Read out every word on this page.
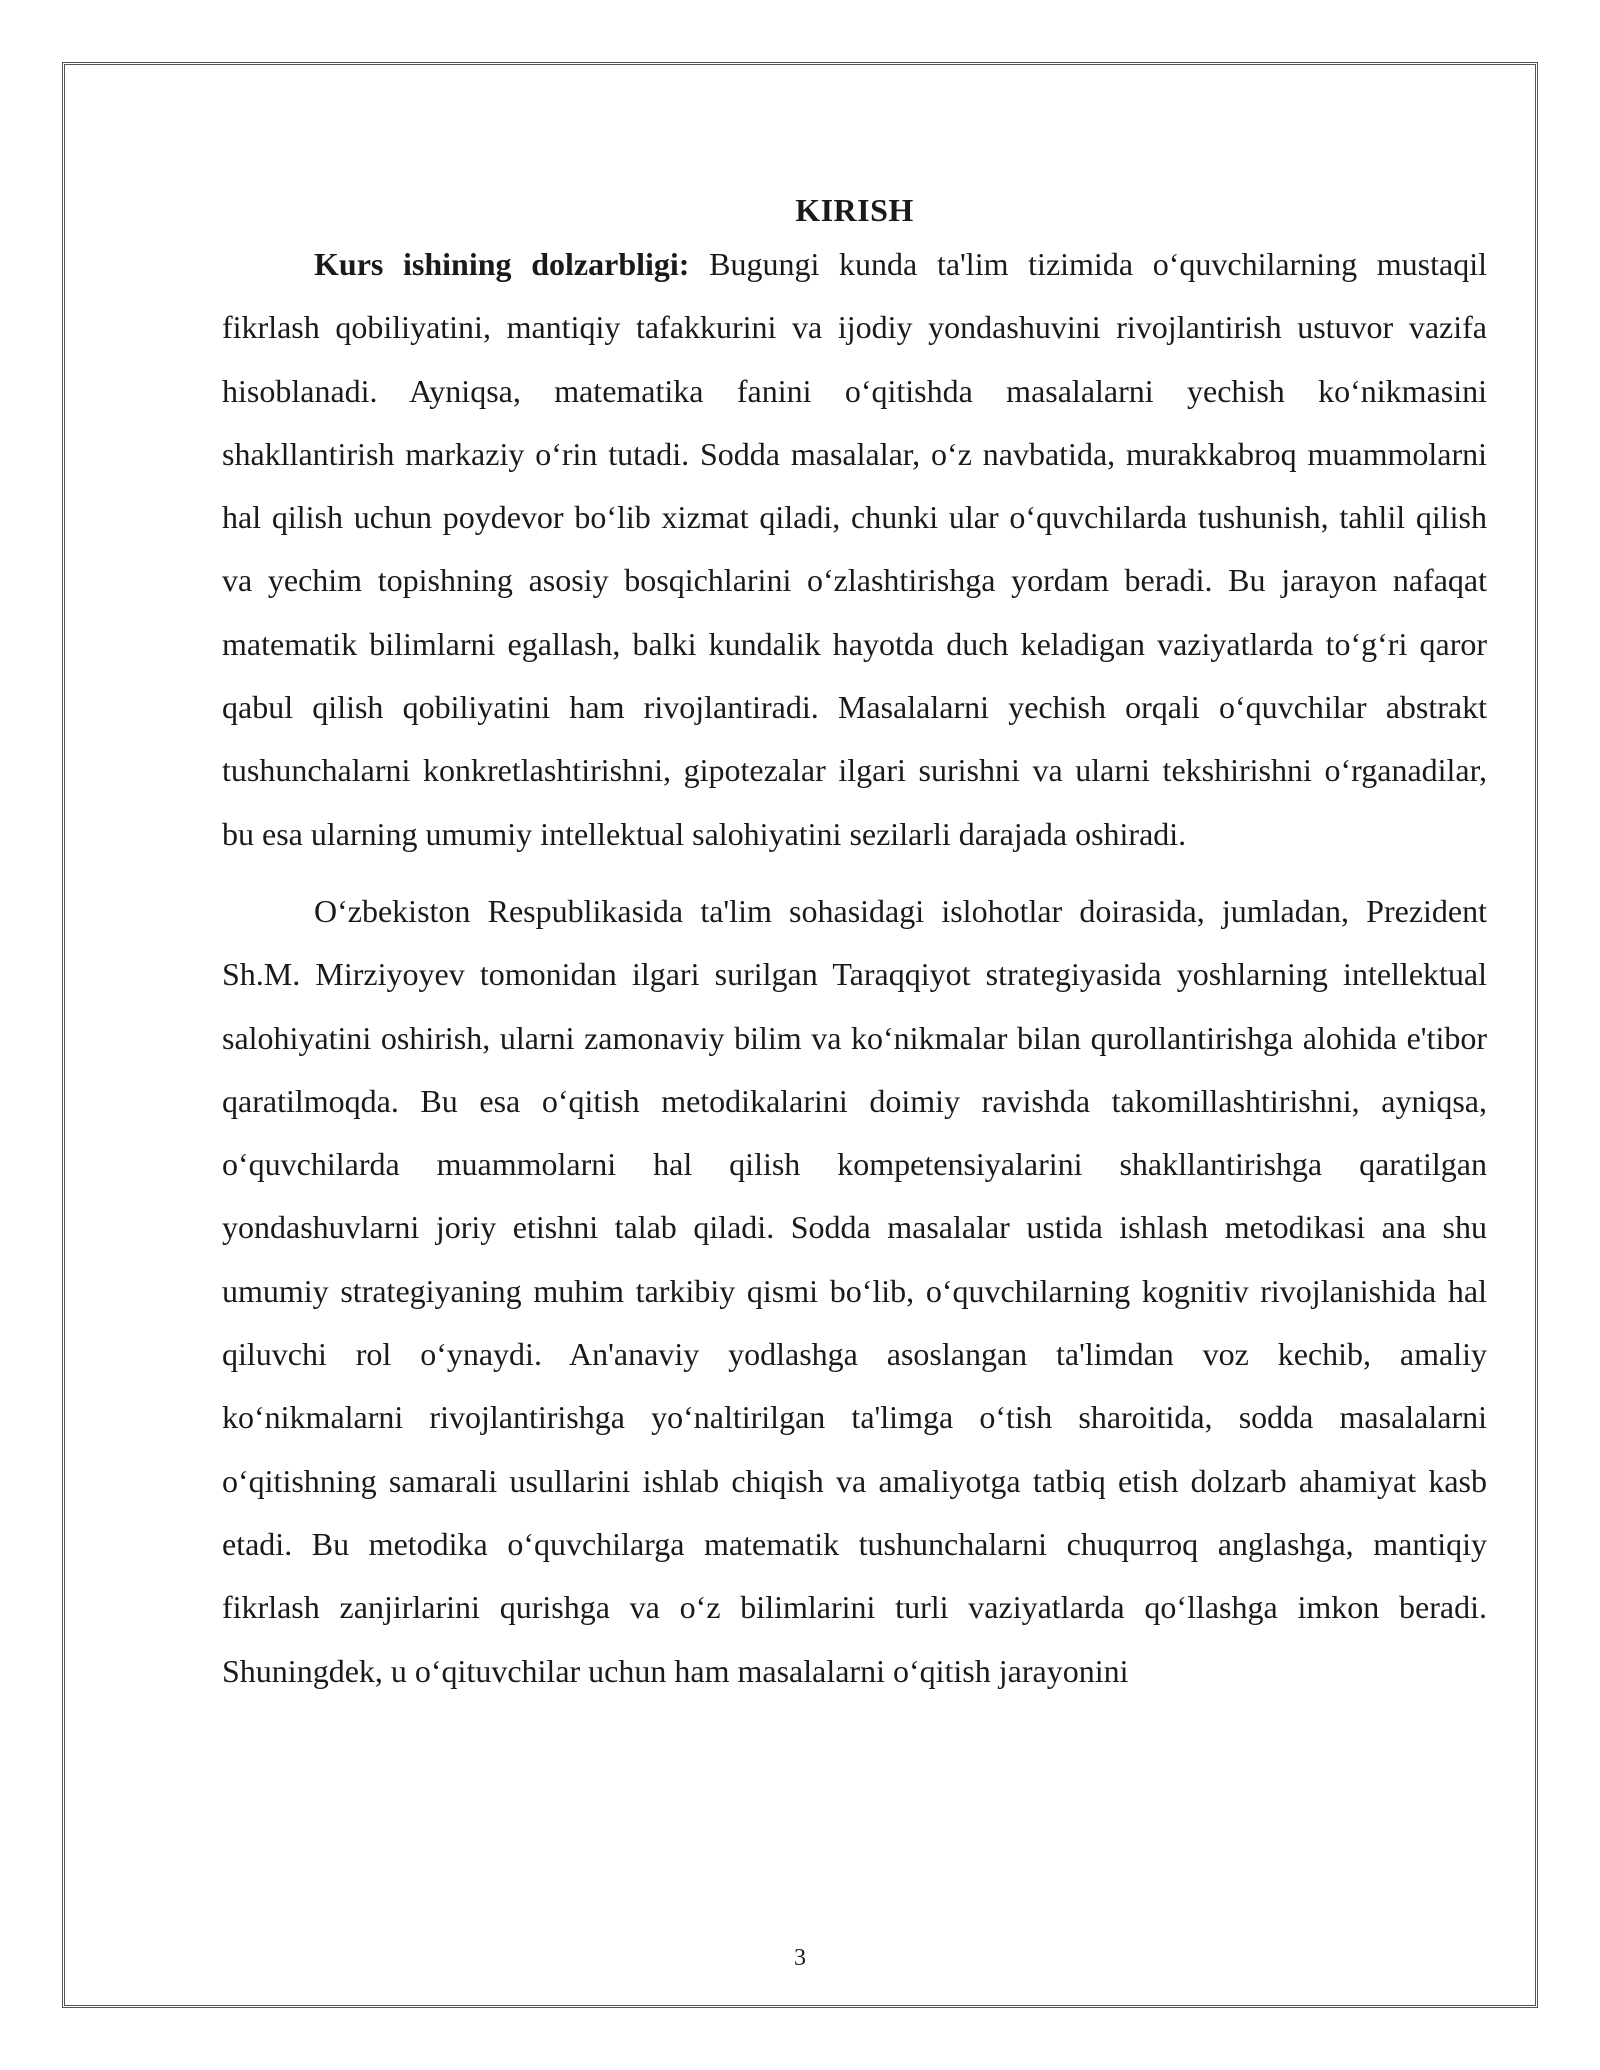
KIRISH

Kurs ishining dolzarbligi: Bugungi kunda ta'lim tizimida o‘quvchilarning mustaqil fikrlash qobiliyatini, mantiqiy tafakkurini va ijodiy yondashuvini rivojlantirish ustuvor vazifa hisoblanadi. Ayniqsa, matematika fanini o‘qitishda masalalarni yechish ko‘nikmasini shakllantirish markaziy o‘rin tutadi. Sodda masalalar, o‘z navbatida, murakkabroq muammolarni hal qilish uchun poydevor bo‘lib xizmat qiladi, chunki ular o‘quvchilarda tushunish, tahlil qilish va yechim topishning asosiy bosqichlarini o‘zlashtirishga yordam beradi. Bu jarayon nafaqat matematik bilimlarni egallash, balki kundalik hayotda duch keladigan vaziyatlarda to‘g‘ri qaror qabul qilish qobiliyatini ham rivojlantiradi. Masalalarni yechish orqali o‘quvchilar abstrakt tushunchalarni konkretlashtirishni, gipotezalar ilgari surishni va ularni tekshirishni o‘rganadilar, bu esa ularning umumiy intellektual salohiyatini sezilarli darajada oshiradi.

O‘zbekiston Respublikasida ta'lim sohasidagi islohotlar doirasida, jumladan, Prezident Sh.M. Mirziyoyev tomonidan ilgari surilgan Taraqqiyot strategiyasida yoshlarning intellektual salohiyatini oshirish, ularni zamonaviy bilim va ko‘nikmalar bilan qurollantirishga alohida e'tibor qaratilmoqda. Bu esa o‘qitish metodikalarini doimiy ravishda takomillashtirishni, ayniqsa, o‘quvchilarda muammolarni hal qilish kompetensiyalarini shakllantirishga qaratilgan yondashuvlarni joriy etishni talab qiladi. Sodda masalalar ustida ishlash metodikasi ana shu umumiy strategiyaning muhim tarkibiy qismi bo‘lib, o‘quvchilarning kognitiv rivojlanishida hal qiluvchi rol o‘ynaydi. An'anaviy yodlashga asoslangan ta'limdan voz kechib, amaliy ko‘nikmalarni rivojlantirishga yo‘naltirilgan ta'limga o‘tish sharoitida, sodda masalalarni o‘qitishning samarali usullarini ishlab chiqish va amaliyotga tatbiq etish dolzarb ahamiyat kasb etadi. Bu metodika o‘quvchilarga matematik tushunchalarni chuqurroq anglashga, mantiqiy fikrlash zanjirlarini qurishga va o‘z bilimlarini turli vaziyatlarda qo‘llashga imkon beradi. Shuningdek, u o‘qituvchilar uchun ham masalalarni o‘qitish jarayonini

3
